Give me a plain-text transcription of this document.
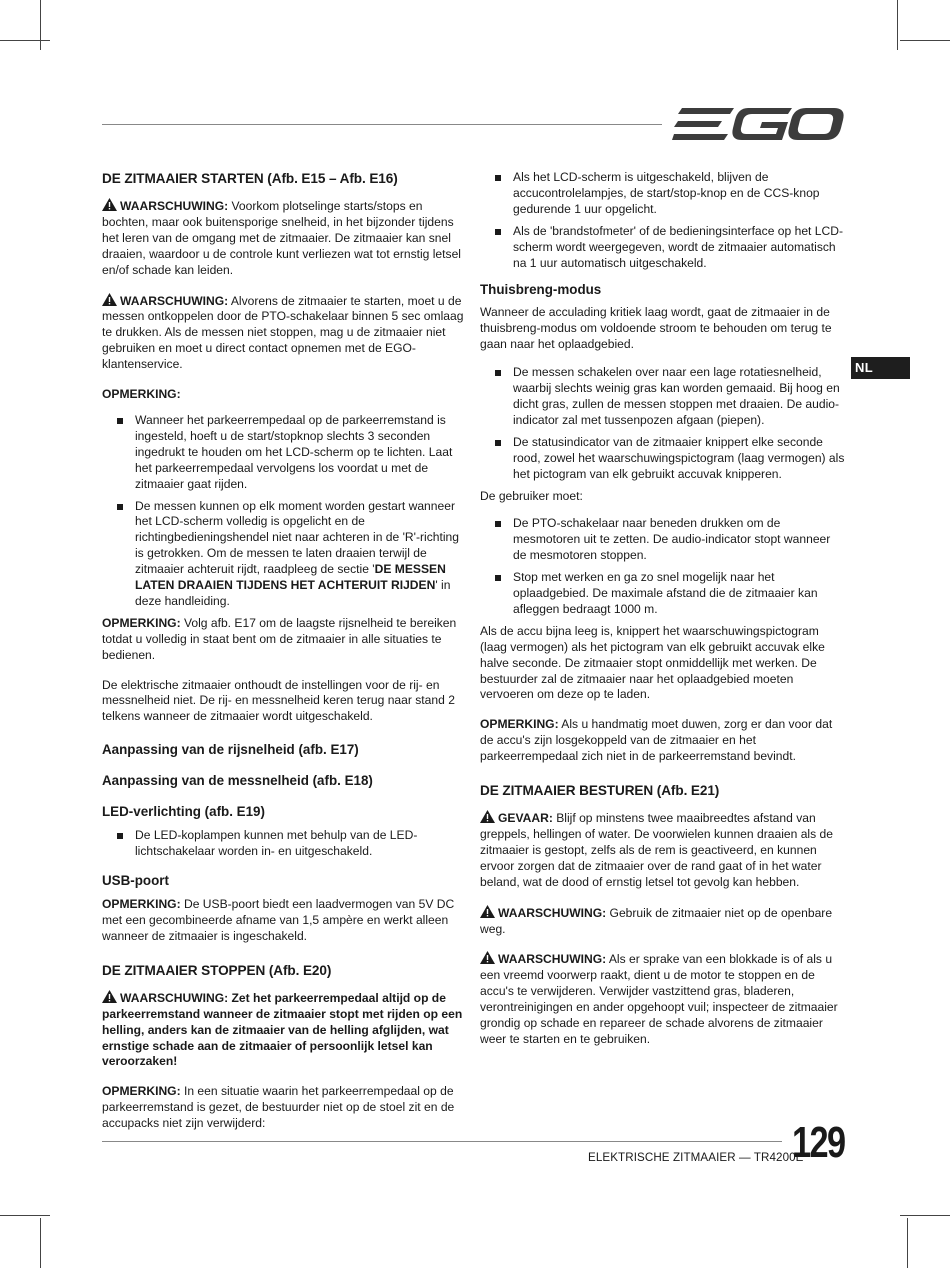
NL
DE ZITMAAIER STARTEN (Afb. E15 – Afb. E16)

WAARSCHUWING: Voorkom plotselinge starts/stops en bochten, maar ook buitensporige snelheid, in het bijzonder tijdens het leren van de omgang met de zitmaaier. De zitmaaier kan snel draaien, waardoor u de controle kunt verliezen wat tot ernstig letsel en/of schade kan leiden.

WAARSCHUWING: Alvorens de zitmaaier te starten, moet u de messen ontkoppelen door de PTO-schakelaar binnen 5 sec omlaag te drukken. Als de messen niet stoppen, mag u de zitmaaier niet gebruiken en moet u direct contact opnemen met de EGO-klantenservice.

OPMERKING:

Wanneer het parkeerrempedaal op de parkeerremstand is ingesteld, hoeft u de start/stopknop slechts 3 seconden ingedrukt te houden om het LCD-scherm op te lichten. Laat het parkeerrempedaal vervolgens los voordat u met de zitmaaier gaat rijden.
De messen kunnen op elk moment worden gestart wanneer het LCD-scherm volledig is opgelicht en de richtingbedieningshendel niet naar achteren in de 'R'-richting is getrokken. Om de messen te laten draaien terwijl de zitmaaier achteruit rijdt, raadpleeg de sectie 'DE MESSEN LATEN DRAAIEN TIJDENS HET ACHTERUIT RIJDEN' in deze handleiding.

OPMERKING: Volg afb. E17 om de laagste rijsnelheid te bereiken totdat u volledig in staat bent om de zitmaaier in alle situaties te bedienen.

De elektrische zitmaaier onthoudt de instellingen voor de rij- en messnelheid niet. De rij- en messnelheid keren terug naar stand 2 telkens wanneer de zitmaaier wordt uitgeschakeld.

Aanpassing van de rijsnelheid (afb. E17)
Aanpassing van de messnelheid (afb. E18)
LED-verlichting (afb. E19)
De LED-koplampen kunnen met behulp van de LED-lichtschakelaar worden in- en uitgeschakeld.
USB-poort

OPMERKING: De USB-poort biedt een laadvermogen van 5V DC met een gecombineerde afname van 1,5 ampère en werkt alleen wanneer de zitmaaier is ingeschakeld.

DE ZITMAAIER STOPPEN (Afb. E20)

WAARSCHUWING: Zet het parkeerrempedaal altijd op de parkeerremstand wanneer de zitmaaier stopt met rijden op een helling, anders kan de zitmaaier van de helling afglijden, wat ernstige schade aan de zitmaaier of persoonlijk letsel kan veroorzaken!

OPMERKING: In een situatie waarin het parkeerrempedaal op de parkeerremstand is gezet, de bestuurder niet op de stoel zit en de accupacks niet zijn verwijderd:

Als het LCD-scherm is uitgeschakeld, blijven de accucontrolelampjes, de start/stop-knop en de CCS-knop gedurende 1 uur opgelicht.
Als de 'brandstofmeter' of de bedieningsinterface op het LCD-scherm wordt weergegeven, wordt de zitmaaier automatisch na 1 uur automatisch uitgeschakeld.
Thuisbreng-modus

Wanneer de acculading kritiek laag wordt, gaat de zitmaaier in de thuisbreng-modus om voldoende stroom te behouden om terug te gaan naar het oplaadgebied.

De messen schakelen over naar een lage rotatiesnelheid, waarbij slechts weinig gras kan worden gemaaid. Bij hoog en dicht gras, zullen de messen stoppen met draaien. De audio-indicator zal met tussenpozen afgaan (piepen).
De statusindicator van de zitmaaier knippert elke seconde rood, zowel het waarschuwingspictogram (laag vermogen) als het pictogram van elk gebruikt accuvak knipperen.

De gebruiker moet:

De PTO-schakelaar naar beneden drukken om de mesmotoren uit te zetten. De audio-indicator stopt wanneer de mesmotoren stoppen.
Stop met werken en ga zo snel mogelijk naar het oplaadgebied. De maximale afstand die de zitmaaier kan afleggen bedraagt 1000 m.

Als de accu bijna leeg is, knippert het waarschuwingspictogram (laag vermogen) als het pictogram van elk gebruikt accuvak elke halve seconde. De zitmaaier stopt onmiddellijk met werken. De bestuurder zal de zitmaaier naar het oplaadgebied moeten vervoeren om deze op te laden.

OPMERKING: Als u handmatig moet duwen, zorg er dan voor dat de accu's zijn losgekoppeld van de zitmaaier en het parkeerrempedaal zich niet in de parkeerremstand bevindt.

DE ZITMAAIER BESTUREN (Afb. E21)

GEVAAR: Blijf op minstens twee maaibreedtes afstand van greppels, hellingen of water. De voorwielen kunnen draaien als de zitmaaier is gestopt, zelfs als de rem is geactiveerd, en kunnen ervoor zorgen dat de zitmaaier over de rand gaat of in het water beland, wat de dood of ernstig letsel tot gevolg kan hebben.

WAARSCHUWING: Gebruik de zitmaaier niet op de openbare weg.

WAARSCHUWING: Als er sprake van een blokkade is of als u een vreemd voorwerp raakt, dient u de motor te stoppen en de accu's te verwijderen. Verwijder vastzittend gras, bladeren, verontreinigingen en ander opgehoopt vuil; inspecteer de zitmaaier grondig op schade en repareer de schade alvorens de zitmaaier weer te starten en te gebruiken.

ELEKTRISCHE ZITMAAIER — TR4200E
129
